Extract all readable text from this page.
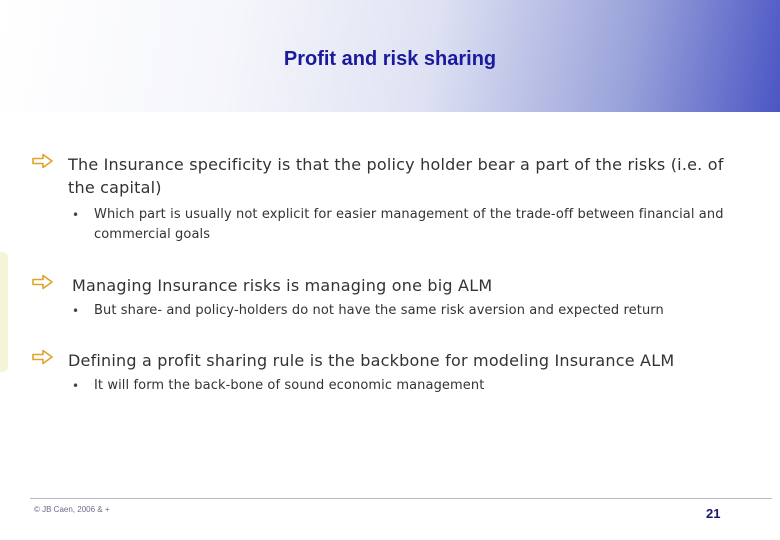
Profit and risk sharing
The Insurance specificity is that the policy holder bear a part of the risks (i.e. of the capital)
•	Which part is usually not explicit for easier management of the trade-off between financial and commercial goals
Managing Insurance risks is managing one big ALM
•	But share- and policy-holders do not have the same risk aversion and expected return
Defining a profit sharing rule is the backbone for modeling Insurance ALM
•	It will form the back-bone of sound economic management
© JB Caen, 2006 & +	21
